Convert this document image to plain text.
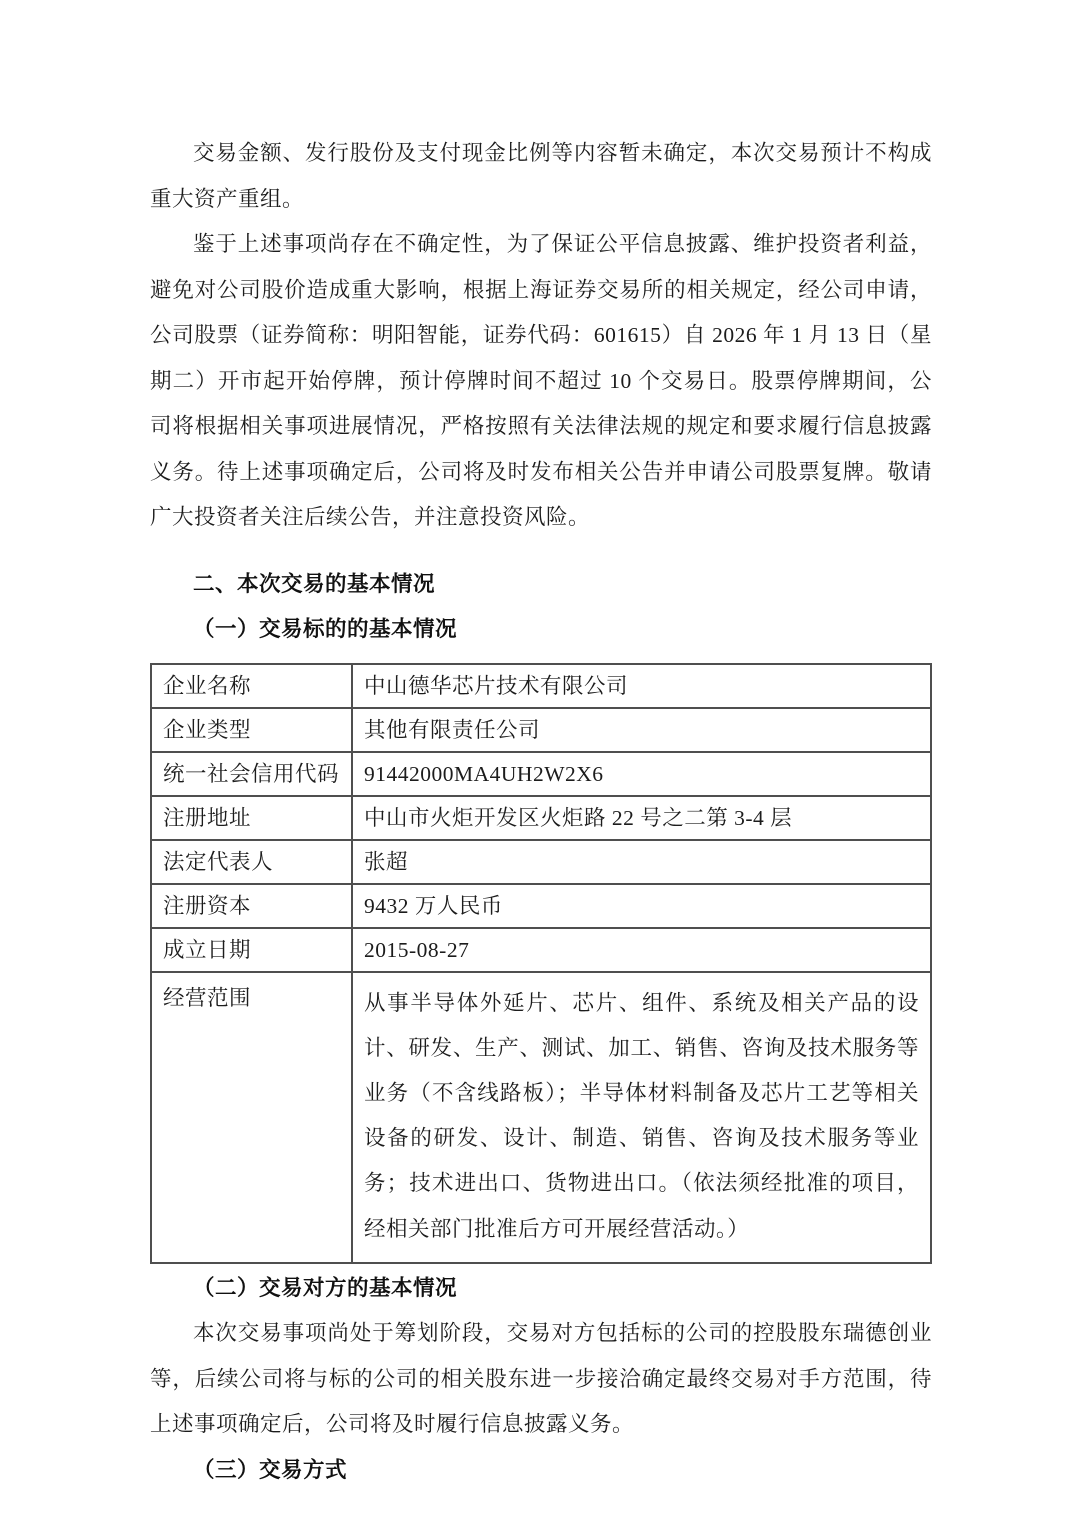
交易金额、发行股份及支付现金比例等内容暂未确定，本次交易预计不构成重大资产重组。

鉴于上述事项尚存在不确定性，为了保证公平信息披露、维护投资者利益，避免对公司股价造成重大影响，根据上海证券交易所的相关规定，经公司申请，公司股票（证券简称：明阳智能，证券代码：601615）自 2026 年 1 月 13 日（星期二）开市起开始停牌，预计停牌时间不超过 10 个交易日。股票停牌期间，公司将根据相关事项进展情况，严格按照有关法律法规的规定和要求履行信息披露义务。待上述事项确定后，公司将及时发布相关公告并申请公司股票复牌。敬请广大投资者关注后续公告，并注意投资风险。

二、本次交易的基本情况
（一）交易标的的基本情况
企业名称	中山德华芯片技术有限公司
企业类型	其他有限责任公司
统一社会信用代码	91442000MA4UH2W2X6
注册地址	中山市火炬开发区火炬路 22 号之二第 3-4 层
法定代表人	张超
注册资本	9432 万人民币
成立日期	2015-08-27
经营范围	从事半导体外延片、芯片、组件、系统及相关产品的设计、研发、生产、测试、加工、销售、咨询及技术服务等业务（不含线路板）；半导体材料制备及芯片工艺等相关设备的研发、设计、制造、销售、咨询及技术服务等业务；技术进出口、货物进出口。（依法须经批准的项目，经相关部门批准后方可开展经营活动。）
（二）交易对方的基本情况

本次交易事项尚处于筹划阶段，交易对方包括标的公司的控股股东瑞德创业等，后续公司将与标的公司的相关股东进一步接洽确定最终交易对手方范围，待上述事项确定后，公司将及时履行信息披露义务。

（三）交易方式
